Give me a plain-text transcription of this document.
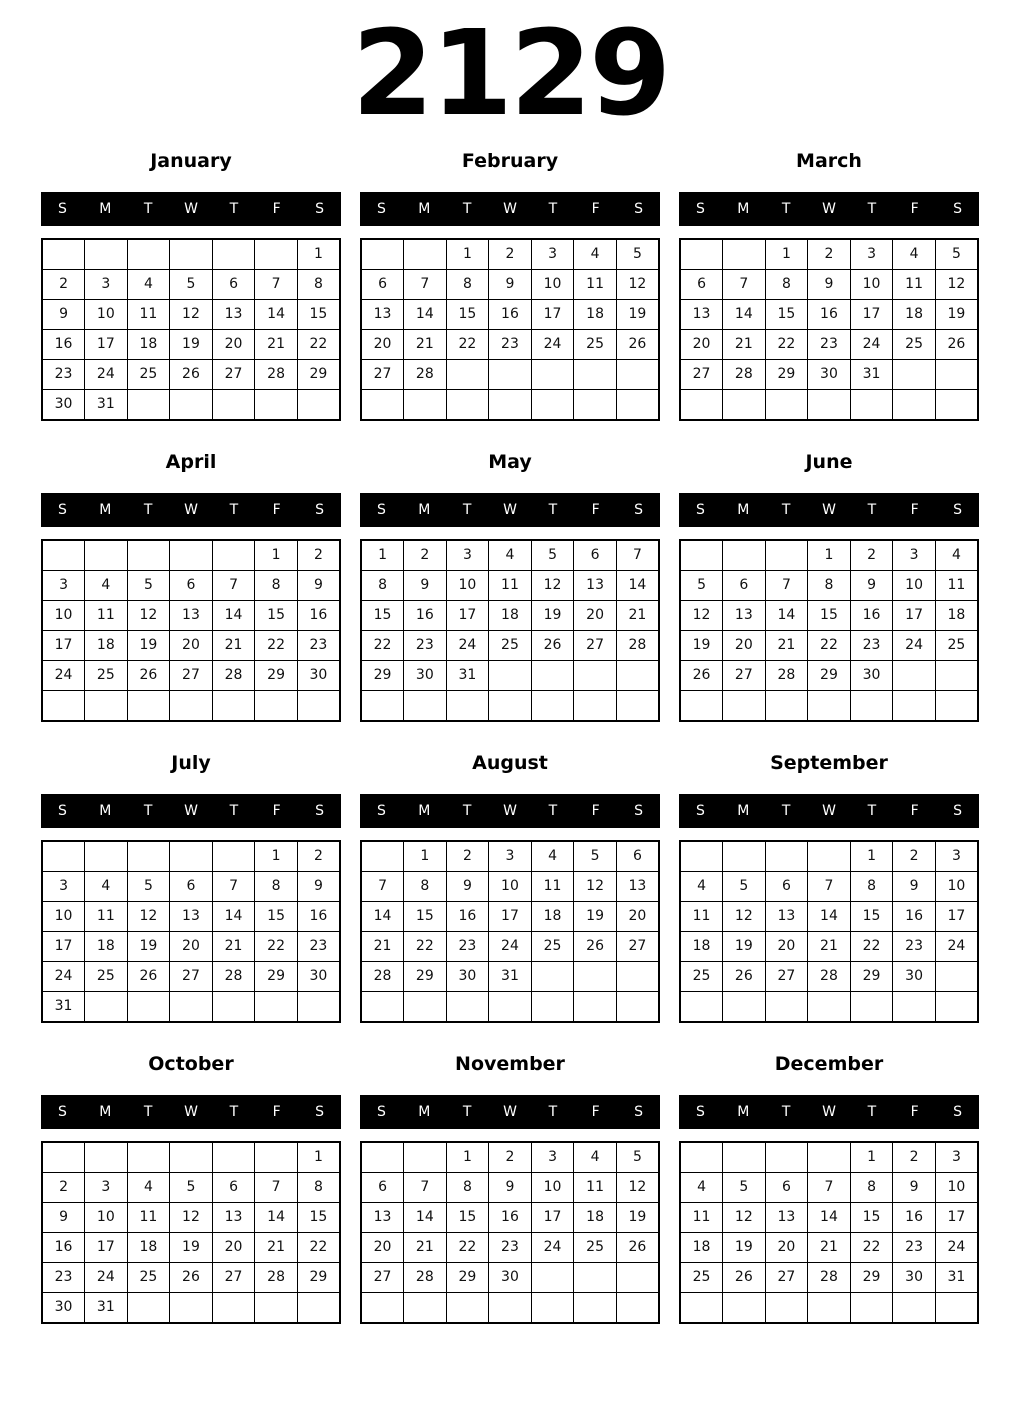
2129
January
S	M	T	W	T	F	S
						1
2	3	4	5	6	7	8
9	10	11	12	13	14	15
16	17	18	19	20	21	22
23	24	25	26	27	28	29
30	31					
February
S	M	T	W	T	F	S
		1	2	3	4	5
6	7	8	9	10	11	12
13	14	15	16	17	18	19
20	21	22	23	24	25	26
27	28					

March
S	M	T	W	T	F	S
		1	2	3	4	5
6	7	8	9	10	11	12
13	14	15	16	17	18	19
20	21	22	23	24	25	26
27	28	29	30	31		

April
S	M	T	W	T	F	S
					1	2
3	4	5	6	7	8	9
10	11	12	13	14	15	16
17	18	19	20	21	22	23
24	25	26	27	28	29	30

May
S	M	T	W	T	F	S
1	2	3	4	5	6	7
8	9	10	11	12	13	14
15	16	17	18	19	20	21
22	23	24	25	26	27	28
29	30	31				

June
S	M	T	W	T	F	S
			1	2	3	4
5	6	7	8	9	10	11
12	13	14	15	16	17	18
19	20	21	22	23	24	25
26	27	28	29	30		

July
S	M	T	W	T	F	S
					1	2
3	4	5	6	7	8	9
10	11	12	13	14	15	16
17	18	19	20	21	22	23
24	25	26	27	28	29	30
31						
August
S	M	T	W	T	F	S
	1	2	3	4	5	6
7	8	9	10	11	12	13
14	15	16	17	18	19	20
21	22	23	24	25	26	27
28	29	30	31			

September
S	M	T	W	T	F	S
				1	2	3
4	5	6	7	8	9	10
11	12	13	14	15	16	17
18	19	20	21	22	23	24
25	26	27	28	29	30	

October
S	M	T	W	T	F	S
						1
2	3	4	5	6	7	8
9	10	11	12	13	14	15
16	17	18	19	20	21	22
23	24	25	26	27	28	29
30	31					
November
S	M	T	W	T	F	S
		1	2	3	4	5
6	7	8	9	10	11	12
13	14	15	16	17	18	19
20	21	22	23	24	25	26
27	28	29	30			

December
S	M	T	W	T	F	S
				1	2	3
4	5	6	7	8	9	10
11	12	13	14	15	16	17
18	19	20	21	22	23	24
25	26	27	28	29	30	31
